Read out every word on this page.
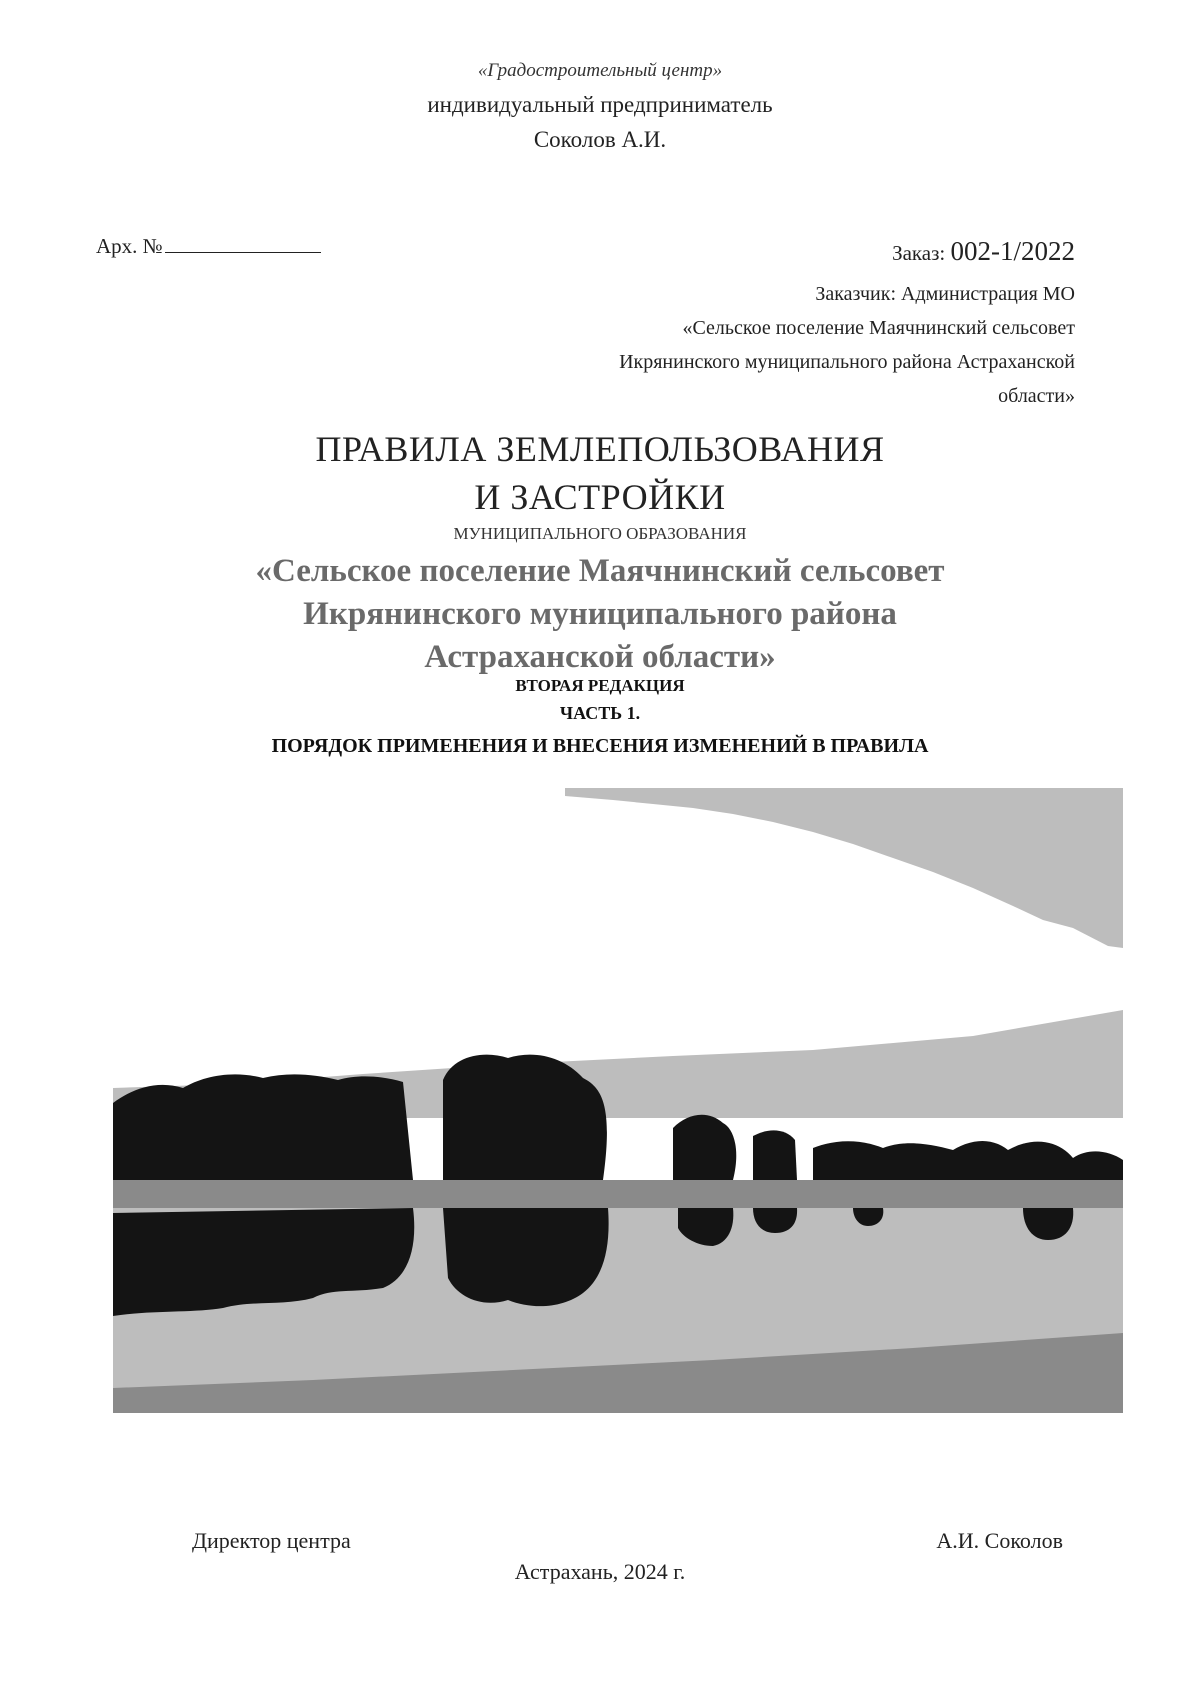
«Градостроительный центр»
индивидуальный предприниматель
Соколов А.И.
Арх. №	Заказ: 002-1/2022
Заказчик: Администрация МО
«Сельское поселение Маячнинский сельсовет
Икрянинского муниципального района Астраханской
области»
ПРАВИЛА ЗЕМЛЕПОЛЬЗОВАНИЯ
И ЗАСТРОЙКИ
МУНИЦИПАЛЬНОГО ОБРАЗОВАНИЯ
«Сельское поселение Маячнинский сельсовет
Икрянинского муниципального района
Астраханской области»
ВТОРАЯ РЕДАКЦИЯ
ЧАСТЬ 1.
ПОРЯДОК ПРИМЕНЕНИЯ И ВНЕСЕНИЯ ИЗМЕНЕНИЙ В ПРАВИЛА
Директор центра	А.И. Соколов
Астрахань, 2024 г.
